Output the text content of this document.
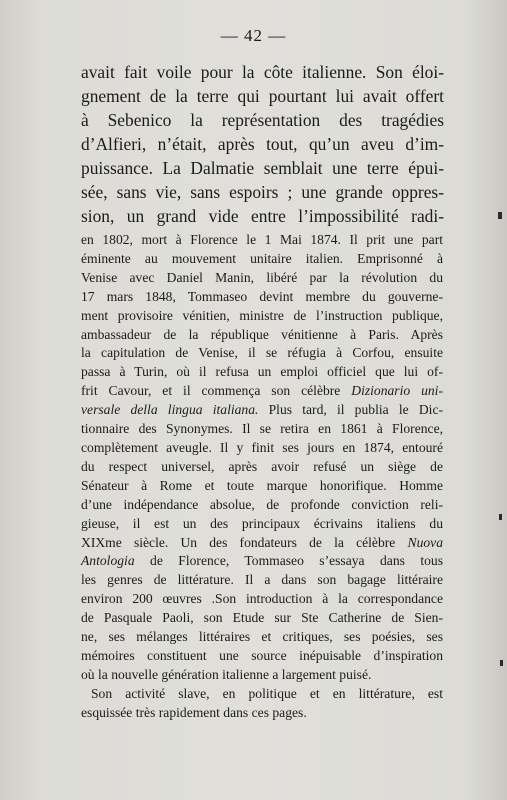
— 42 —
avait fait voile pour la côte italienne. Son éloi-
gnement de la terre qui pourtant lui avait offert
à Sebenico la représentation des tragédies
d’Alfieri, n’était, après tout, qu’un aveu d’im-
puissance. La Dalmatie semblait une terre épui-
sée, sans vie, sans espoirs ; une grande oppres-
sion, un grand vide entre l’impossibilité radi-
en 1802, mort à Florence le 1 Mai 1874. Il prit une part
éminente au mouvement unitaire italien. Emprisonné à
Venise avec Daniel Manin, libéré par la révolution du
17 mars 1848, Tommaseo devint membre du gouverne-
ment provisoire vénitien, ministre de l’instruction publique,
ambassadeur de la république vénitienne à Paris. Après
la capitulation de Venise, il se réfugia à Corfou, ensuite
passa à Turin, où il refusa un emploi officiel que lui of-
frit Cavour, et il commença son célèbre Dizionario uni-
versale della lingua italiana. Plus tard, il publia le Dic-
tionnaire des Synonymes. Il se retira en 1861 à Florence,
complètement aveugle. Il y finit ses jours en 1874, entouré
du respect universel, après avoir refusé un siège de
Sénateur à Rome et toute marque honorifique. Homme
d’une indépendance absolue, de profonde conviction reli-
gieuse, il est un des principaux écrivains italiens du
XIXme siècle. Un des fondateurs de la célèbre Nuova
Antologia de Florence, Tommaseo s’essaya dans tous
les genres de littérature. Il a dans son bagage littéraire
environ 200 œuvres .Son introduction à la correspondance
de Pasquale Paoli, son Etude sur Ste Catherine de Sien-
ne, ses mélanges littéraires et critiques, ses poésies, ses
mémoires constituent une source inépuisable d’inspiration
où la nouvelle génération italienne a largement puisé.
Son activité slave, en politique et en littérature, est
esquissée très rapidement dans ces pages.
